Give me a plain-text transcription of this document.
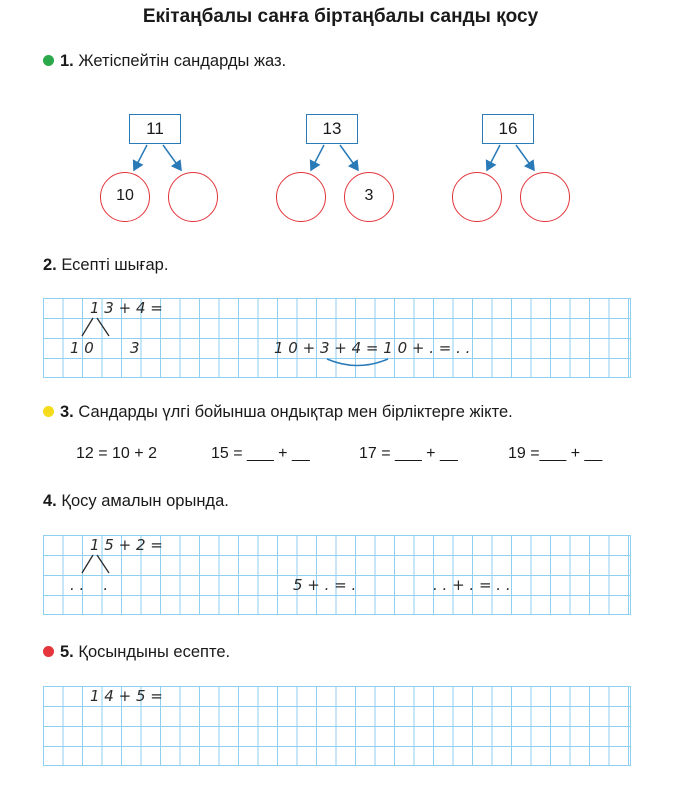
Екітаңбалы санға біртаңбалы санды қосу
1. Жетіспейтін сандарды жаз.
11
10
13
3
16
2. Есепті шығар.
1 3 + 4 =
1 0 3	1 0 + 3 + 4 = 1 0 + . = . .
3. Сандарды үлгі бойынша ондықтар мен бірліктерге жікте.
12 = 10 + 2	15 = ___ + __	17 = ___ + __	19 =___ + __
4. Қосу амалын орында.
1 5 + 2 =
. .    .	5 + . = .	. . + . = . .
5. Қосындыны есепте.
1 4 + 5 =
